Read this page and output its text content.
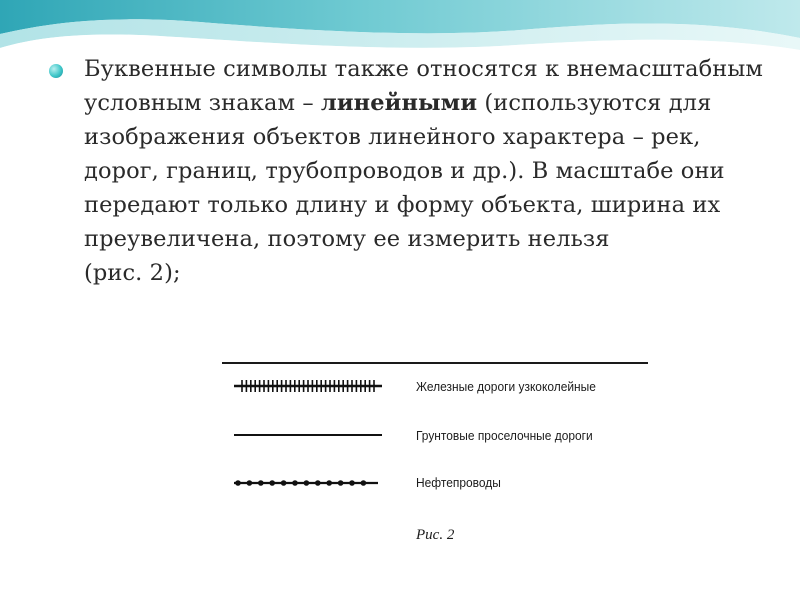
Буквенные символы также относятся к внемасштабным условным знакам – линейными (используются для изображения объектов линейного характера – рек, дорог, границ, трубопроводов и др.). В масштабе они передают только длину и форму объекта, ширина их преувеличена, поэтому ее измерить нельзя(рис. 2);

Железные дороги узкоколейные
Грунтовые проселочные дороги
Нефтепроводы
Рис. 2
